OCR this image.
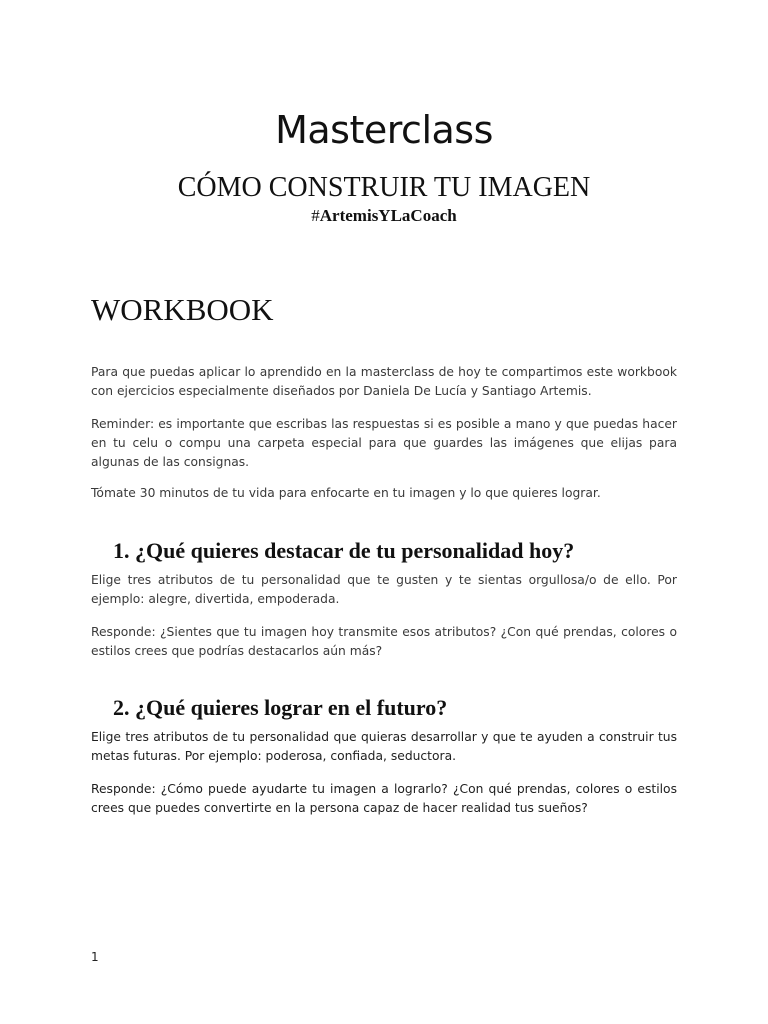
Masterclass
CÓMO CONSTRUIR TU IMAGEN
#ArtemisYLaCoach
WORKBOOK

Para que puedas aplicar lo aprendido en la masterclass de hoy te compartimos este workbook con ejercicios especialmente diseñados por Daniela De Lucía y Santiago Artemis.

Reminder: es importante que escribas las respuestas si es posible a mano y que puedas hacer en tu celu o compu una carpeta especial para que guardes las imágenes que elijas para algunas de las consignas.

Tómate 30 minutos de tu vida para enfocarte en tu imagen y lo que quieres lograr.

1. ¿Qué quieres destacar de tu personalidad hoy?

Elige tres atributos de tu personalidad que te gusten y te sientas orgullosa/o de ello. Por ejemplo: alegre, divertida, empoderada.

Responde: ¿Sientes que tu imagen hoy transmite esos atributos? ¿Con qué prendas, colores o estilos crees que podrías destacarlos aún más?

2. ¿Qué quieres lograr en el futuro?

Elige tres atributos de tu personalidad que quieras desarrollar y que te ayuden a construir tus metas futuras. Por ejemplo: poderosa, confiada, seductora.

Responde: ¿Cómo puede ayudarte tu imagen a lograrlo? ¿Con qué prendas, colores o estilos crees que puedes convertirte en la persona capaz de hacer realidad tus sueños?

1
